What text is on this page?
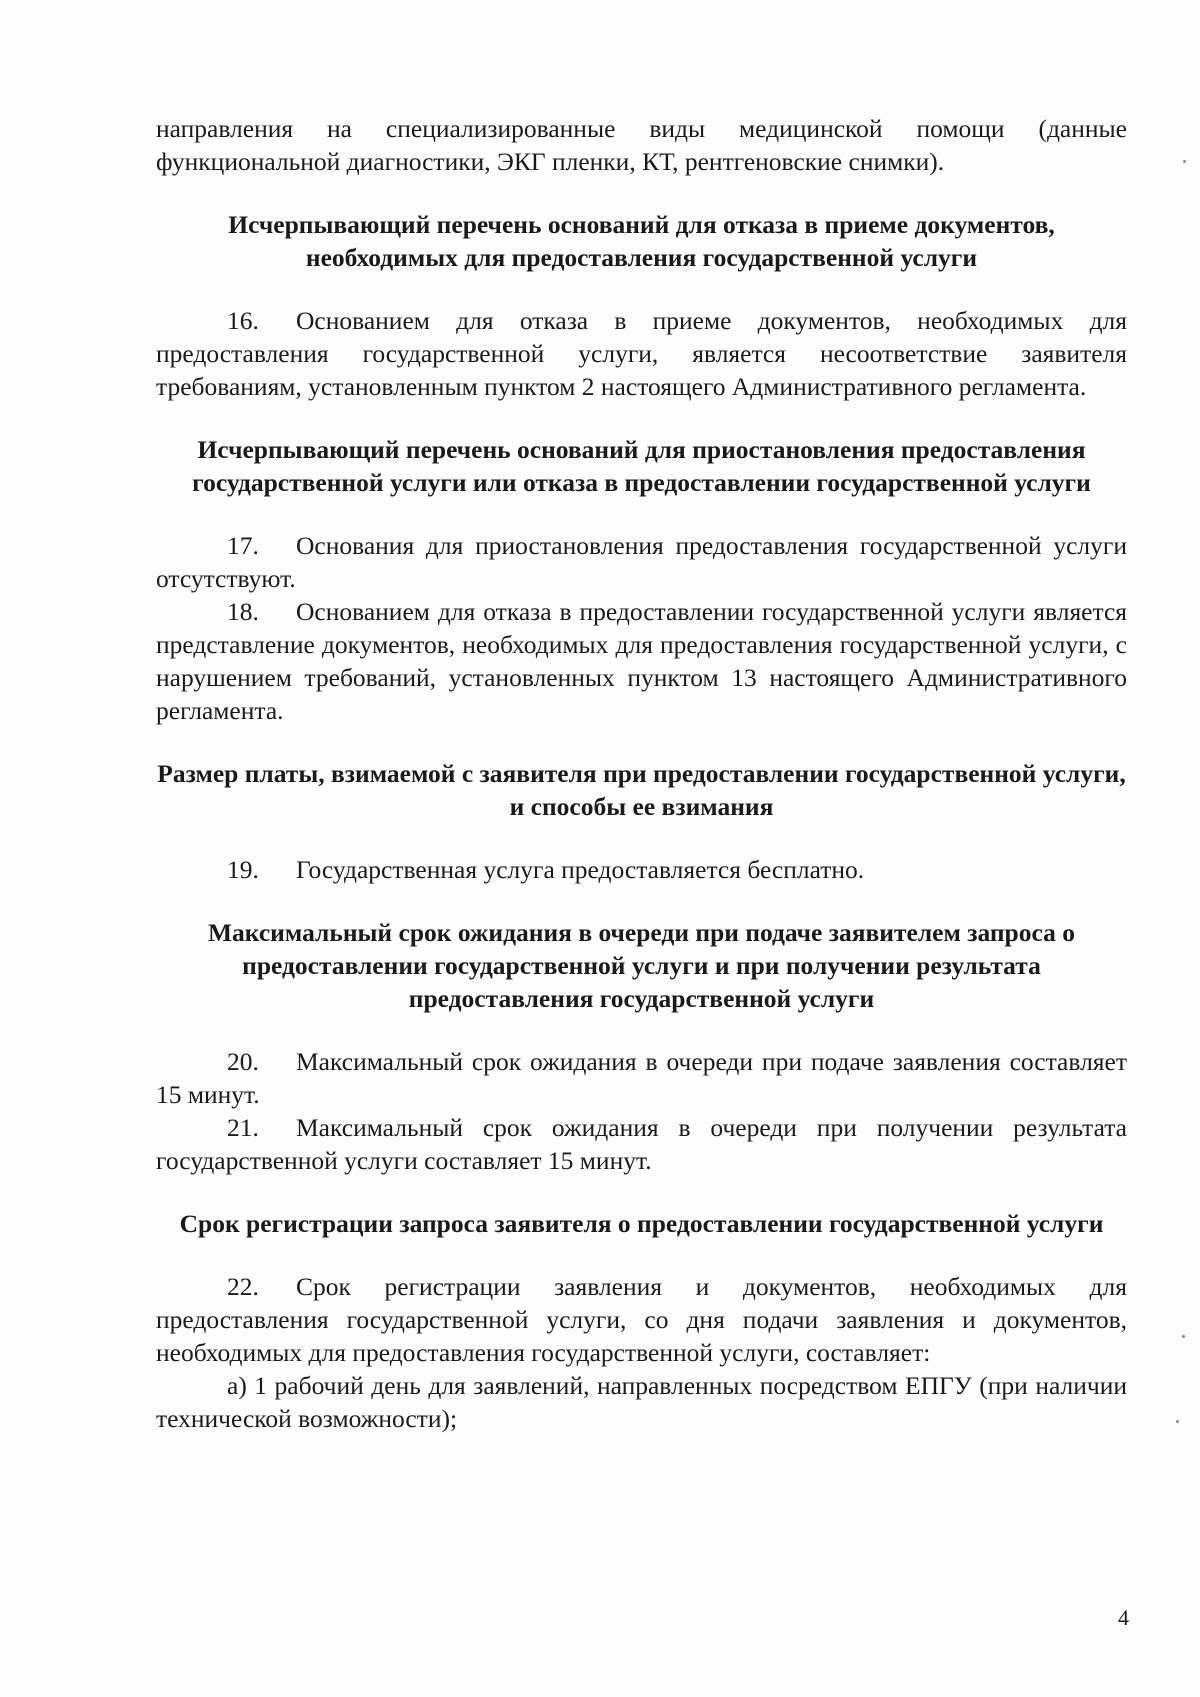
направления на специализированные виды медицинской помощи (данные функциональной диагностики, ЭКГ пленки, КТ, рентгеновские снимки).

Исчерпывающий перечень оснований для отказа в приеме документов, необходимых для предоставления государственной услуги

16. Основанием для отказа в приеме документов, необходимых для предоставления государственной услуги, является несоответствие заявителя требованиям, установленным пунктом 2 настоящего Административного регламента.

Исчерпывающий перечень оснований для приостановления предоставления государственной услуги или отказа в предоставлении государственной услуги

17. Основания для приостановления предоставления государственной услуги отсутствуют.

18. Основанием для отказа в предоставлении государственной услуги является представление документов, необходимых для предоставления государственной услуги, с нарушением требований, установленных пунктом 13 настоящего Административного регламента.

Размер платы, взимаемой с заявителя при предоставлении государственной услуги, и способы ее взимания

19. Государственная услуга предоставляется бесплатно.

Максимальный срок ожидания в очереди при подаче заявителем запроса о предоставлении государственной услуги и при получении результата предоставления государственной услуги

20. Максимальный срок ожидания в очереди при подаче заявления составляет 15 минут.

21. Максимальный срок ожидания в очереди при получении результата государственной услуги составляет 15 минут.

Срок регистрации запроса заявителя о предоставлении государственной услуги

22. Срок регистрации заявления и документов, необходимых для предоставления государственной услуги, со дня подачи заявления и документов, необходимых для предоставления государственной услуги, составляет:

а) 1 рабочий день для заявлений, направленных посредством ЕПГУ (при наличии технической возможности);

4
